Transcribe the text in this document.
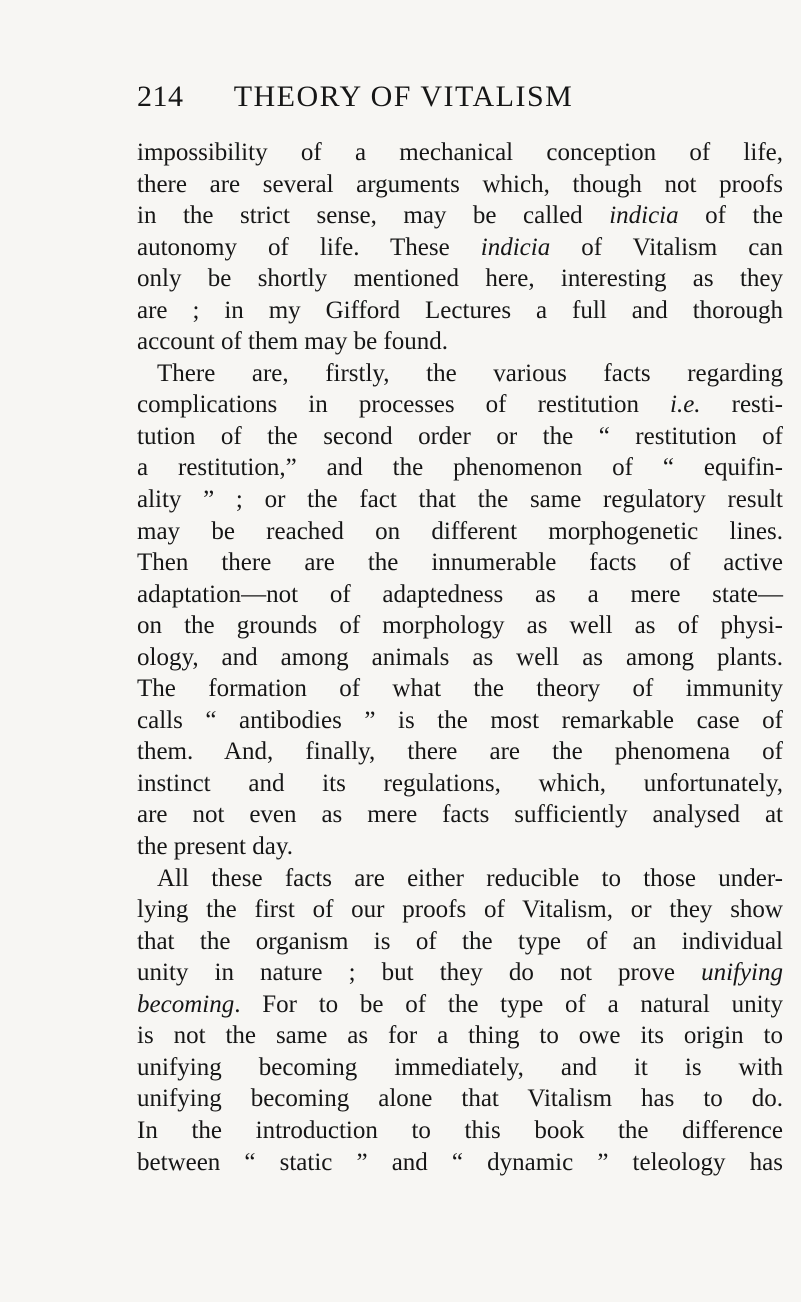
214	THEORY OF VITALISM
impossibility of a mechanical conception of life,
there are several arguments which, though not proofs
in the strict sense, may be called indicia of the
autonomy of life. These indicia of Vitalism can
only be shortly mentioned here, interesting as they
are ; in my Gifford Lectures a full and thorough
account of them may be found.
There are, firstly, the various facts regarding
complications in processes of restitution i.e. resti-
tution of the second order or the “ restitution of
a restitution,” and the phenomenon of “ equifin-
ality ” ; or the fact that the same regulatory result
may be reached on different morphogenetic lines.
Then there are the innumerable facts of active
adaptation—not of adaptedness as a mere state—
on the grounds of morphology as well as of physi-
ology, and among animals as well as among plants.
The formation of what the theory of immunity
calls “ antibodies ” is the most remarkable case of
them. And, finally, there are the phenomena of
instinct and its regulations, which, unfortunately,
are not even as mere facts sufficiently analysed at
the present day.
All these facts are either reducible to those under-
lying the first of our proofs of Vitalism, or they show
that the organism is of the type of an individual
unity in nature ; but they do not prove unifying
becoming. For to be of the type of a natural unity
is not the same as for a thing to owe its origin to
unifying becoming immediately, and it is with
unifying becoming alone that Vitalism has to do.
In the introduction to this book the difference
between “ static ” and “ dynamic ” teleology has
